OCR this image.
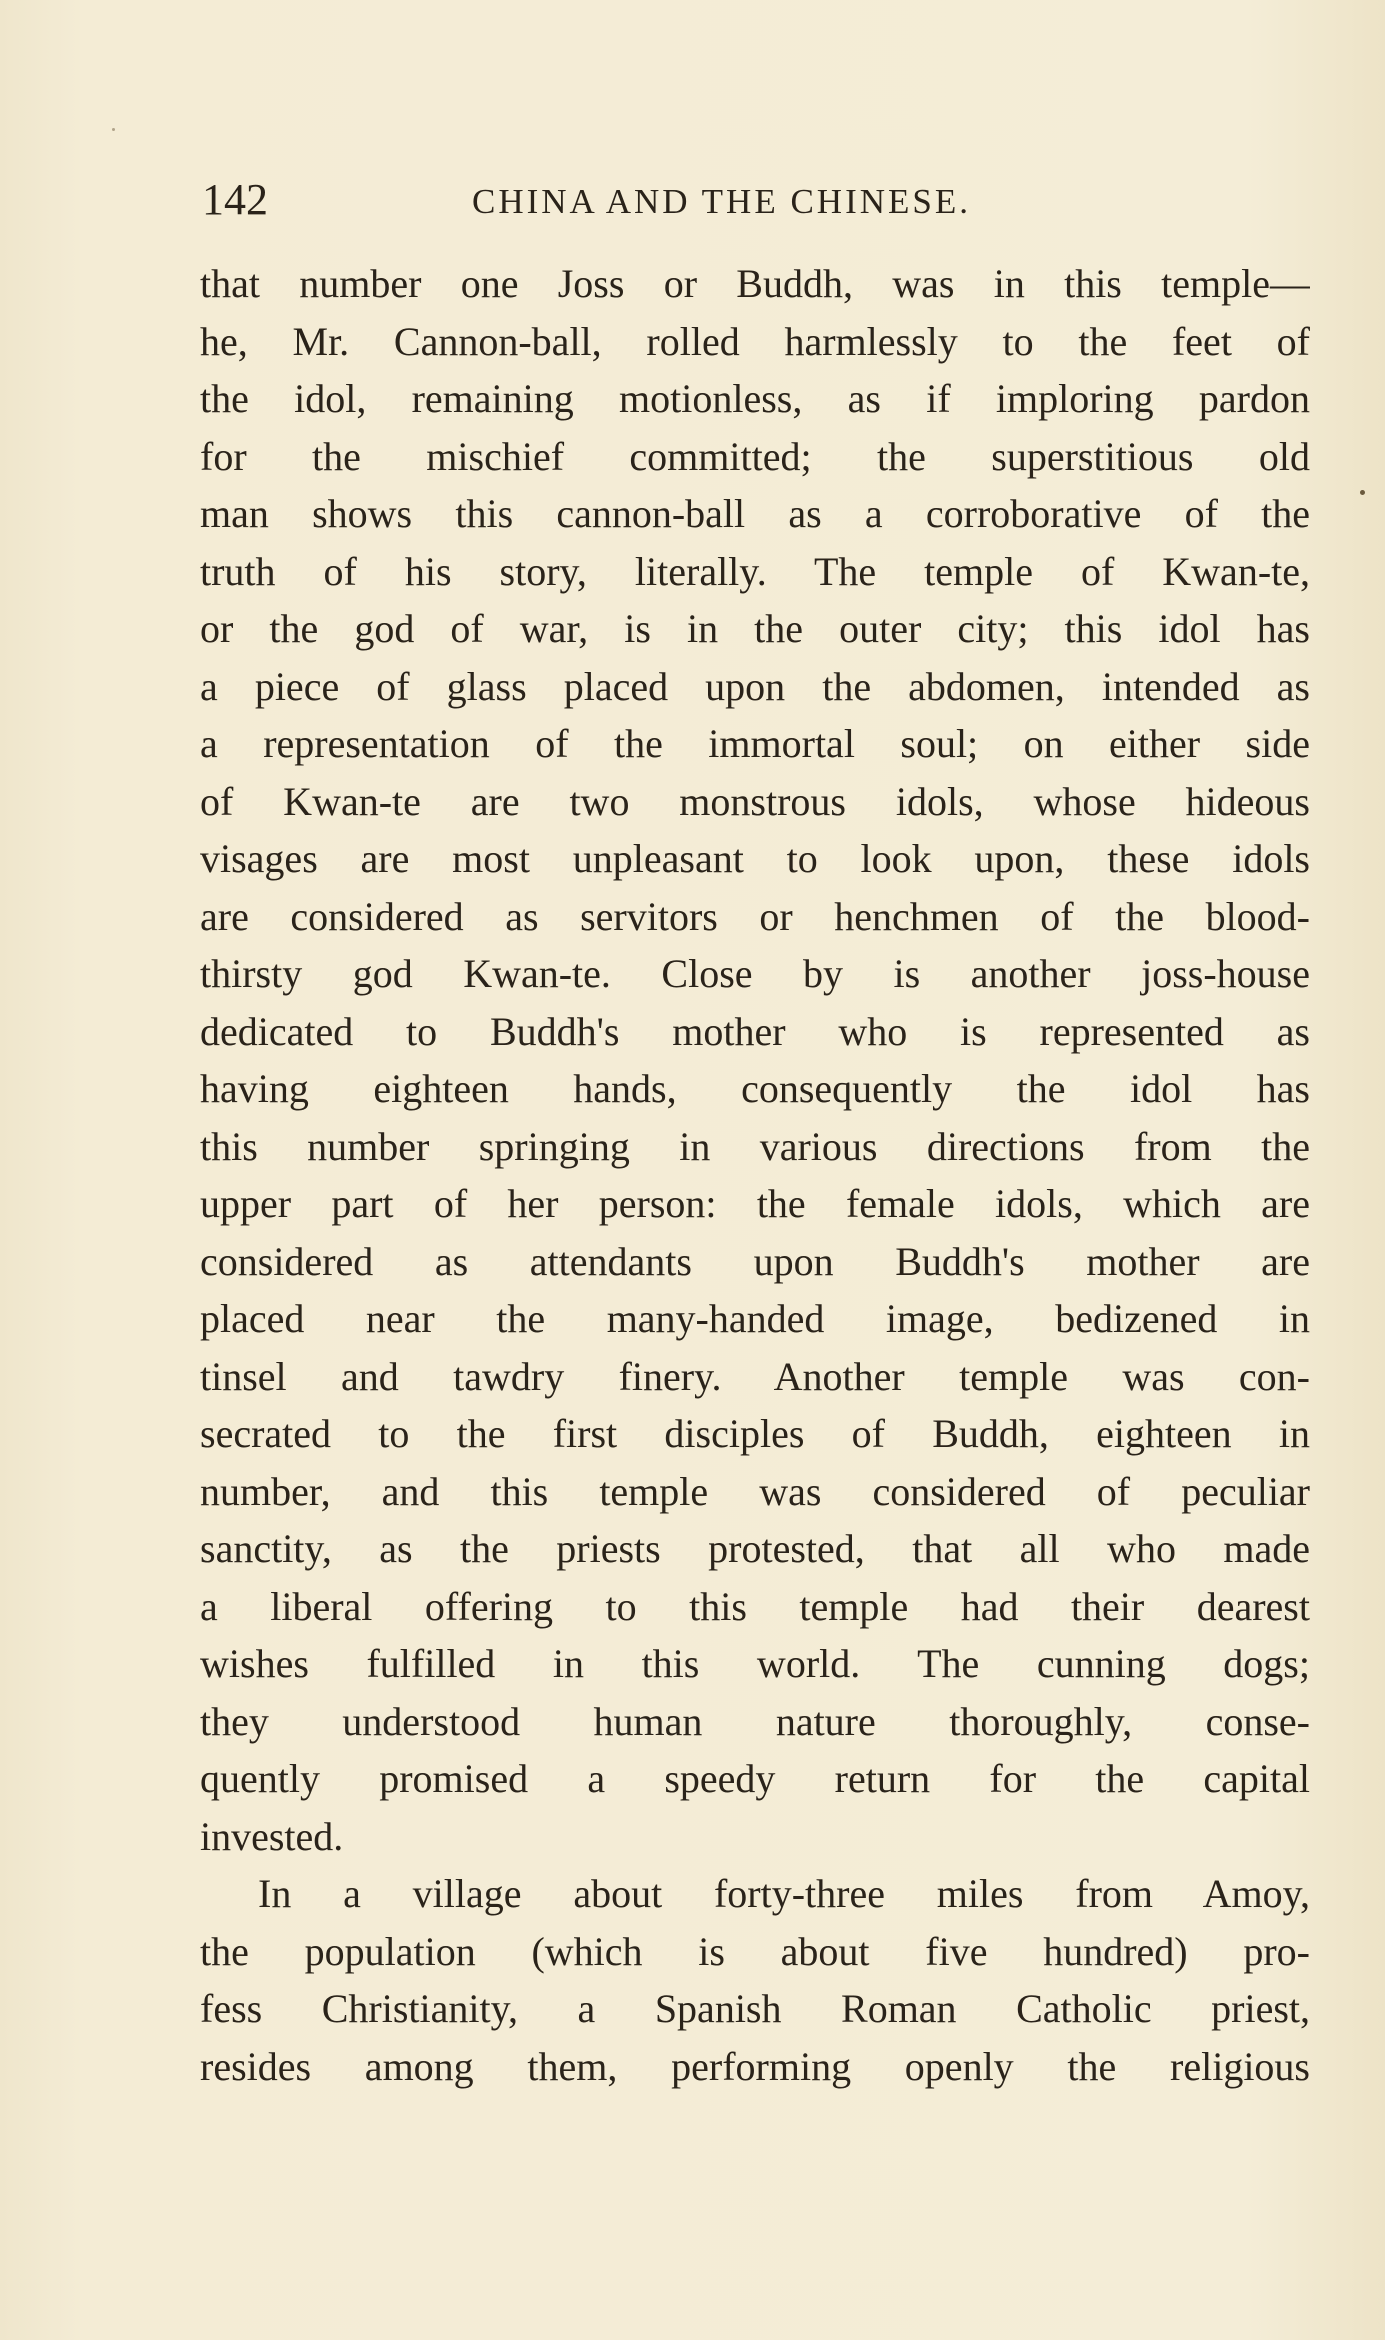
142	CHINA AND THE CHINESE.
that number one Joss or Buddh, was in this temple—
he, Mr. Cannon-ball, rolled harmlessly to the feet of
the idol, remaining motionless, as if imploring pardon
for the mischief committed; the superstitious old
man shows this cannon-ball as a corroborative of the
truth of his story, literally. The temple of Kwan-te,
or the god of war, is in the outer city; this idol has
a piece of glass placed upon the abdomen, intended as
a representation of the immortal soul; on either side
of Kwan-te are two monstrous idols, whose hideous
visages are most unpleasant to look upon, these idols
are considered as servitors or henchmen of the blood-
thirsty god Kwan-te. Close by is another joss-house
dedicated to Buddh's mother who is represented as
having eighteen hands, consequently the idol has
this number springing in various directions from the
upper part of her person: the female idols, which are
considered as attendants upon Buddh's mother are
placed near the many-handed image, bedizened in
tinsel and tawdry finery. Another temple was con-
secrated to the first disciples of Buddh, eighteen in
number, and this temple was considered of peculiar
sanctity, as the priests protested, that all who made
a liberal offering to this temple had their dearest
wishes fulfilled in this world. The cunning dogs;
they understood human nature thoroughly, conse-
quently promised a speedy return for the capital
invested.
In a village about forty-three miles from Amoy,
the population (which is about five hundred) pro-
fess Christianity, a Spanish Roman Catholic priest,
resides among them, performing openly the religious
